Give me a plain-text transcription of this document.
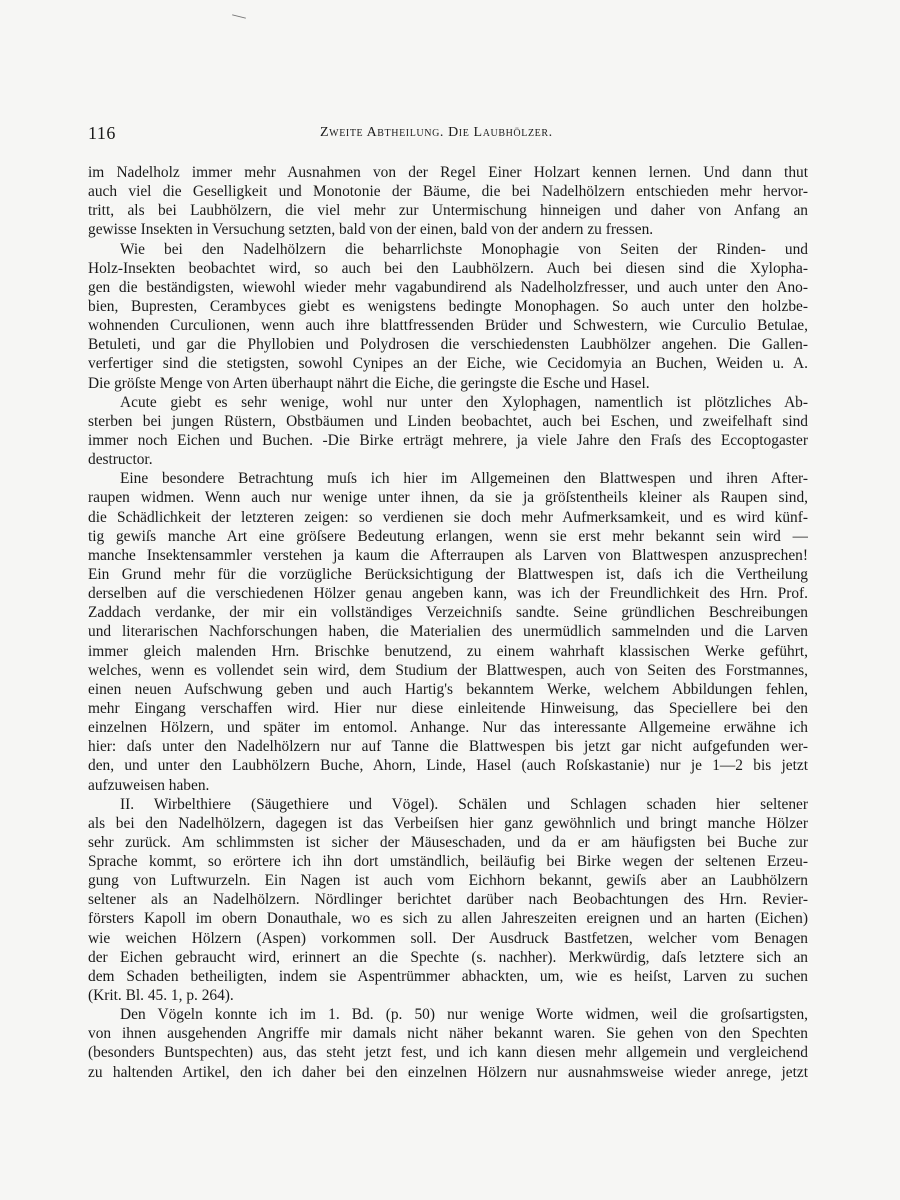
116	Zweite Abtheilung. Die Laubhölzer.
im Nadelholz immer mehr Ausnahmen von der Regel Einer Holzart kennen lernen. Und dann thut
auch viel die Geselligkeit und Monotonie der Bäume, die bei Nadelhölzern entschieden mehr hervor-
tritt, als bei Laubhölzern, die viel mehr zur Untermischung hinneigen und daher von Anfang an
gewisse Insekten in Versuchung setzten, bald von der einen, bald von der andern zu fressen.
Wie bei den Nadelhölzern die beharrlichste Monophagie von Seiten der Rinden- und
Holz-Insekten beobachtet wird, so auch bei den Laubhölzern. Auch bei diesen sind die Xylopha-
gen die beständigsten, wiewohl wieder mehr vagabundirend als Nadelholzfresser, und auch unter den Ano-
bien, Bupresten, Cerambyces giebt es wenigstens bedingte Monophagen. So auch unter den holzbe-
wohnenden Curculionen, wenn auch ihre blattfressenden Brüder und Schwestern, wie Curculio Betulae,
Betuleti, und gar die Phyllobien und Polydrosen die verschiedensten Laubhölzer angehen. Die Gallen-
verfertiger sind die stetigsten, sowohl Cynipes an der Eiche, wie Cecidomyia an Buchen, Weiden u. A.
Die gröſste Menge von Arten überhaupt nährt die Eiche, die geringste die Esche und Hasel.
Acute giebt es sehr wenige, wohl nur unter den Xylophagen, namentlich ist plötzliches Ab-
sterben bei jungen Rüstern, Obstbäumen und Linden beobachtet, auch bei Eschen, und zweifelhaft sind
immer noch Eichen und Buchen. -Die Birke erträgt mehrere, ja viele Jahre den Fraſs des Eccoptogaster
destructor.
Eine besondere Betrachtung muſs ich hier im Allgemeinen den Blattwespen und ihren After-
raupen widmen. Wenn auch nur wenige unter ihnen, da sie ja gröſstentheils kleiner als Raupen sind,
die Schädlichkeit der letzteren zeigen: so verdienen sie doch mehr Aufmerksamkeit, und es wird künf-
tig gewiſs manche Art eine gröſsere Bedeutung erlangen, wenn sie erst mehr bekannt sein wird —
manche Insektensammler verstehen ja kaum die Afterraupen als Larven von Blattwespen anzusprechen!
Ein Grund mehr für die vorzügliche Berücksichtigung der Blattwespen ist, daſs ich die Vertheilung
derselben auf die verschiedenen Hölzer genau angeben kann, was ich der Freundlichkeit des Hrn. Prof.
Zaddach verdanke, der mir ein vollständiges Verzeichniſs sandte. Seine gründlichen Beschreibungen
und literarischen Nachforschungen haben, die Materialien des unermüdlich sammelnden und die Larven
immer gleich malenden Hrn. Brischke benutzend, zu einem wahrhaft klassischen Werke geführt,
welches, wenn es vollendet sein wird, dem Studium der Blattwespen, auch von Seiten des Forstmannes,
einen neuen Aufschwung geben und auch Hartig's bekanntem Werke, welchem Abbildungen fehlen,
mehr Eingang verschaffen wird. Hier nur diese einleitende Hinweisung, das Speciellere bei den
einzelnen Hölzern, und später im entomol. Anhange. Nur das interessante Allgemeine erwähne ich
hier: daſs unter den Nadelhölzern nur auf Tanne die Blattwespen bis jetzt gar nicht aufgefunden wer-
den, und unter den Laubhölzern Buche, Ahorn, Linde, Hasel (auch Roſskastanie) nur je 1—2 bis jetzt
aufzuweisen haben.
II. Wirbelthiere (Säugethiere und Vögel). Schälen und Schlagen schaden hier seltener
als bei den Nadelhölzern, dagegen ist das Verbeiſsen hier ganz gewöhnlich und bringt manche Hölzer
sehr zurück. Am schlimmsten ist sicher der Mäuseschaden, und da er am häufigsten bei Buche zur
Sprache kommt, so erörtere ich ihn dort umständlich, beiläufig bei Birke wegen der seltenen Erzeu-
gung von Luftwurzeln. Ein Nagen ist auch vom Eichhorn bekannt, gewiſs aber an Laubhölzern
seltener als an Nadelhölzern. Nördlinger berichtet darüber nach Beobachtungen des Hrn. Revier-
försters Kapoll im obern Donauthale, wo es sich zu allen Jahreszeiten ereignen und an harten (Eichen)
wie weichen Hölzern (Aspen) vorkommen soll. Der Ausdruck Bastfetzen, welcher vom Benagen
der Eichen gebraucht wird, erinnert an die Spechte (s. nachher). Merkwürdig, daſs letztere sich an
dem Schaden betheiligten, indem sie Aspentrümmer abhackten, um, wie es heiſst, Larven zu suchen
(Krit. Bl. 45. 1, p. 264).
Den Vögeln konnte ich im 1. Bd. (p. 50) nur wenige Worte widmen, weil die groſsartigsten,
von ihnen ausgehenden Angriffe mir damals nicht näher bekannt waren. Sie gehen von den Spechten
(besonders Buntspechten) aus, das steht jetzt fest, und ich kann diesen mehr allgemein und vergleichend
zu haltenden Artikel, den ich daher bei den einzelnen Hölzern nur ausnahmsweise wieder anrege, jetzt
